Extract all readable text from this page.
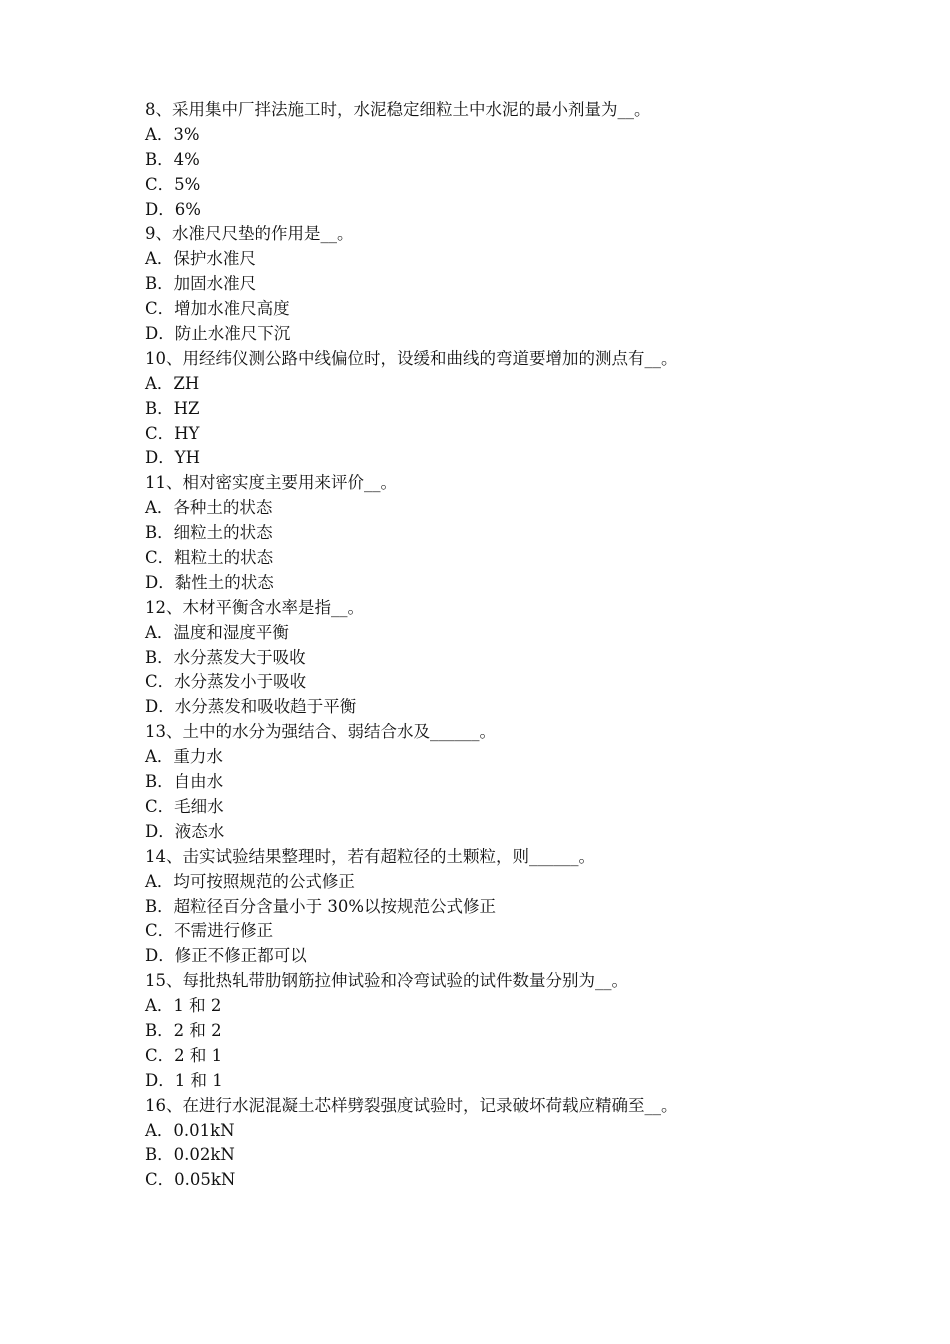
8、采用集中厂拌法施工时，水泥稳定细粒土中水泥的最小剂量为__。
A．3%
B．4%
C．5%
D．6%
9、水准尺尺垫的作用是__。
A．保护水准尺
B．加固水准尺
C．增加水准尺高度
D．防止水准尺下沉
10、用经纬仪测公路中线偏位时，设缓和曲线的弯道要增加的测点有__。
A．ZH
B．HZ
C．HY
D．YH
11、相对密实度主要用来评价__。
A．各种土的状态
B．细粒土的状态
C．粗粒土的状态
D．黏性土的状态
12、木材平衡含水率是指__。
A．温度和湿度平衡
B．水分蒸发大于吸收
C．水分蒸发小于吸收
D．水分蒸发和吸收趋于平衡
13、土中的水分为强结合、弱结合水及______。
A．重力水
B．自由水
C．毛细水
D．液态水
14、击实试验结果整理时，若有超粒径的土颗粒，则______。
A．均可按照规范的公式修正
B．超粒径百分含量小于 30%以按规范公式修正
C．不需进行修正
D．修正不修正都可以
15、每批热轧带肋钢筋拉伸试验和冷弯试验的试件数量分别为__。
A．1 和 2
B．2 和 2
C．2 和 1
D．1 和 1
16、在进行水泥混凝土芯样劈裂强度试验时，记录破坏荷载应精确至__。
A．0.01kN
B．0.02kN
C．0.05kN
